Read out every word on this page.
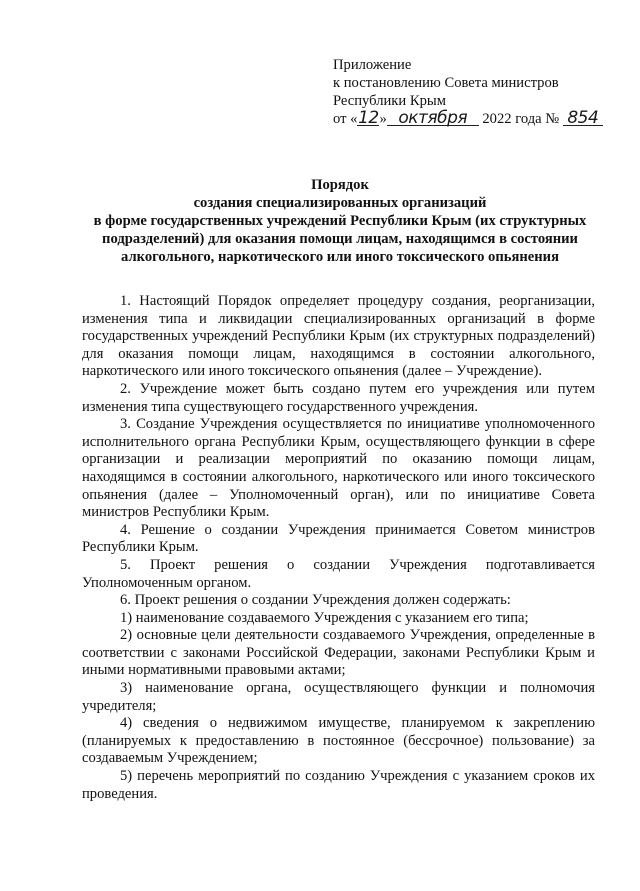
Приложение
к постановлению Совета министров
Республики Крым
от «12» октября 2022 года № 854
Порядок
создания специализированных организаций
в форме государственных учреждений Республики Крым (их структурных
подразделений) для оказания помощи лицам, находящимся в состоянии
алкогольного, наркотического или иного токсического опьянения

1. Настоящий Порядок определяет процедуру создания, реорганизации, изменения типа и ликвидации специализированных организаций в форме государственных учреждений Республики Крым (их структурных подразделений) для оказания помощи лицам, находящимся в состоянии алкогольного, наркотического или иного токсического опьянения (далее – Учреждение).

2. Учреждение может быть создано путем его учреждения или путем изменения типа существующего государственного учреждения.

3. Создание Учреждения осуществляется по инициативе уполномоченного исполнительного органа Республики Крым, осуществляющего функции в сфере организации и реализации мероприятий по оказанию помощи лицам, находящимся в состоянии алкогольного, наркотического или иного токсического опьянения (далее – Уполномоченный орган), или по инициативе Совета министров Республики Крым.

4. Решение о создании Учреждения принимается Советом министров Республики Крым.

5. Проект решения о создании Учреждения подготавливается Уполномоченным органом.

6. Проект решения о создании Учреждения должен содержать:

1) наименование создаваемого Учреждения с указанием его типа;

2) основные цели деятельности создаваемого Учреждения, определенные в соответствии с законами Российской Федерации, законами Республики Крым и иными нормативными правовыми актами;

3) наименование органа, осуществляющего функции и полномочия учредителя;

4) сведения о недвижимом имуществе, планируемом к закреплению (планируемых к предоставлению в постоянное (бессрочное) пользование) за создаваемым Учреждением;

5) перечень мероприятий по созданию Учреждения с указанием сроков их проведения.
